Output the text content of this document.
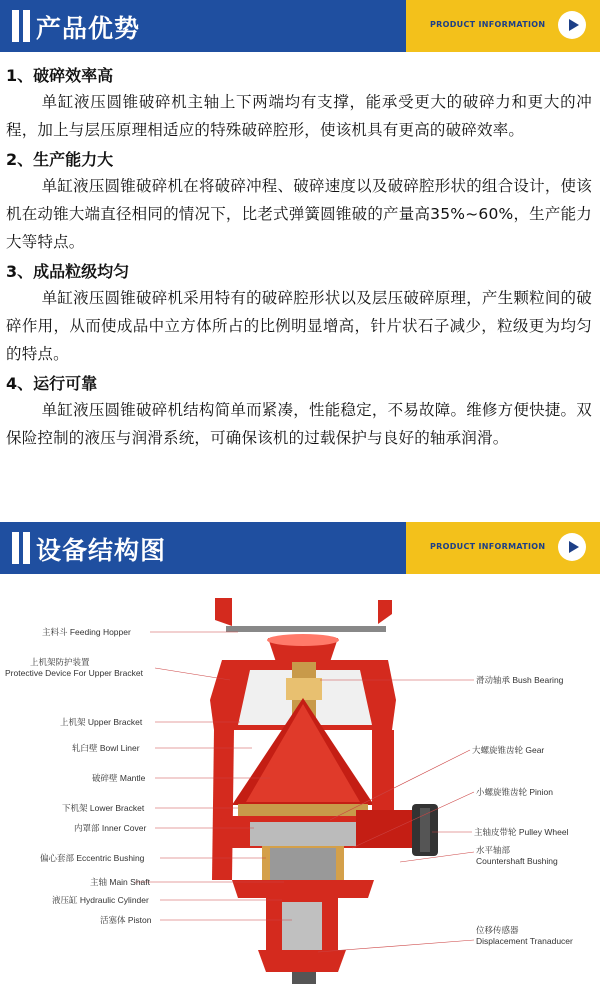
产品优势	PRODUCT INFORMATION
1、破碎效率高
单缸液压圆锥破碎机主轴上下两端均有支撑，能承受更大的破碎力和更大的冲程，加上与层压原理相适应的特殊破碎腔形，使该机具有更高的破碎效率。
2、生产能力大
单缸液压圆锥破碎机在将破碎冲程、破碎速度以及破碎腔形状的组合设计，使该机在动锥大端直径相同的情况下，比老式弹簧圆锥破的产量高35%~60%，生产能力大等特点。
3、成品粒级均匀
单缸液压圆锥破碎机采用特有的破碎腔形状以及层压破碎原理，产生颗粒间的破碎作用，从而使成品中立方体所占的比例明显增高，针片状石子减少，粒级更为均匀的特点。
4、运行可靠
单缸液压圆锥破碎机结构简单而紧凑，性能稳定，不易故障。维修方便快捷。双保险控制的液压与润滑系统，可确保该机的过载保护与良好的轴承润滑。
设备结构图	PRODUCT INFORMATION
主料斗 Feeding Hopper
上机架防护装置
Protective Device For Upper Bracket
上机架 Upper Bracket
轧臼壁 Bowl Liner
破碎壁 Mantle
下机架 Lower Bracket
内罩部 Inner Cover
偏心套部 Eccentric Bushing
主轴 Main Shaft
液压缸 Hydraulic Cylinder
活塞体 Piston
滑动轴承 Bush Bearing
大螺旋锥齿轮 Gear
小螺旋锥齿轮 Pinion
主轴皮带轮 Pulley Wheel
水平轴部
Countershaft Bushing
位移传感器
Displacement Tranaducer
